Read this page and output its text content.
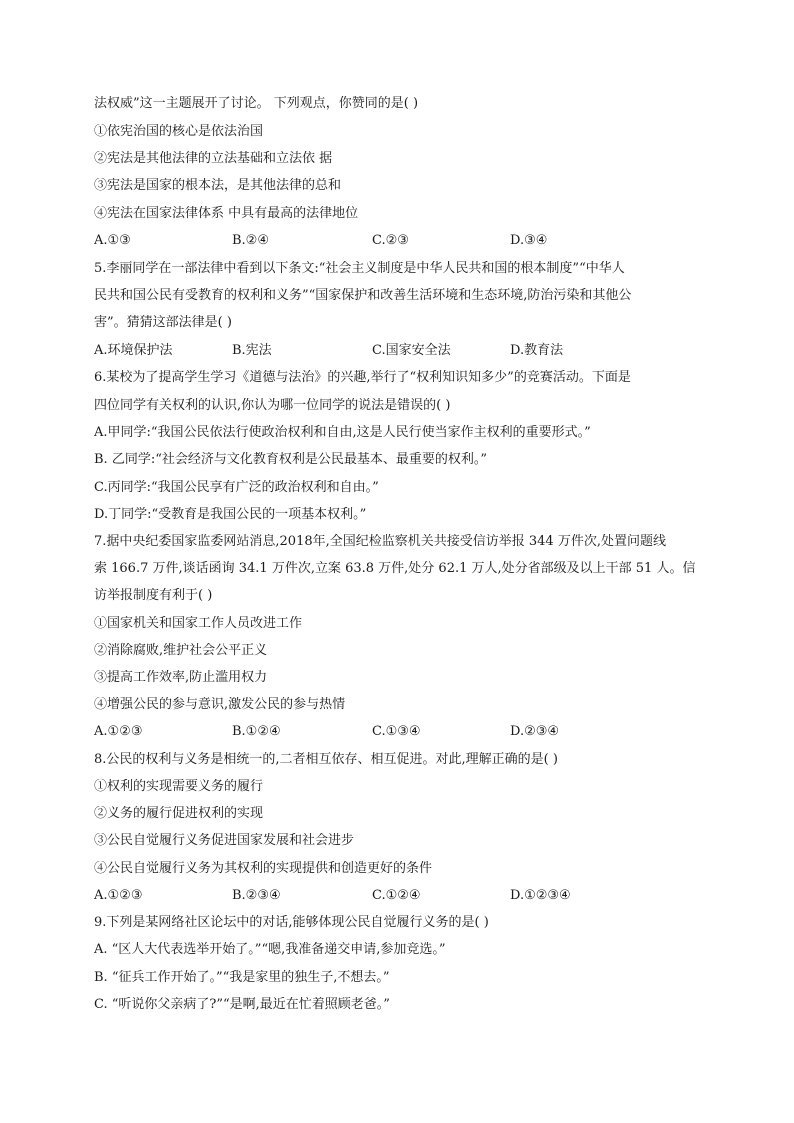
法权威”这一主题展开了讨论。 下列观点，你赞同的是( )
①依宪治国的核心是依法治国
②宪法是其他法律的立法基础和立法依 据
③宪法是国家的根本法，是其他法律的总和
④宪法在国家法律体系 中具有最高的法律地位
A.①③	B.②④	C.②③	D.③④
5.李丽同学在一部法律中看到以下条文:“社会主义制度是中华人民共和国的根本制度”“中华人
民共和国公民有受教育的权利和义务”“国家保护和改善生活环境和生态环境,防治污染和其他公
害”。猜猜这部法律是( )
A.环境保护法	B.宪法	C.国家安全法	D.教育法
6.某校为了提高学生学习《道德与法治》的兴趣,举行了“权利知识知多少”的竞赛活动。下面是
四位同学有关权利的认识,你认为哪一位同学的说法是错误的( )
A.甲同学:“我国公民依法行使政治权利和自由,这是人民行使当家作主权利的重要形式。”
B. 乙同学:“社会经济与文化教育权利是公民最基本、最重要的权利。”
C.丙同学:“我国公民享有广泛的政治权利和自由。”
D.丁同学:“受教育是我国公民的一项基本权利。”
7.据中央纪委国家监委网站消息,2018年,全国纪检监察机关共接受信访举报 344 万件次,处置问题线
索 166.7 万件,谈话函询 34.1 万件次,立案 63.8 万件,处分 62.1 万人,处分省部级及以上干部 51 人。信
访举报制度有利于( )
①国家机关和国家工作人员改进工作
②消除腐败,维护社会公平正义
③提高工作效率,防止滥用权力
④增强公民的参与意识,激发公民的参与热情
A.①②③	B.①②④	C.①③④	D.②③④
8.公民的权利与义务是相统一的,二者相互依存、相互促进。对此,理解正确的是( )
①权利的实现需要义务的履行
②义务的履行促进权利的实现
③公民自觉履行义务促进国家发展和社会进步
④公民自觉履行义务为其权利的实现提供和创造更好的条件
A.①②③	B.②③④	C.①②④	D.①②③④
9.下列是某网络社区论坛中的对话,能够体现公民自觉履行义务的是( )
A. “区人大代表选举开始了。”“嗯,我准备递交申请,参加竞选。”
B. “征兵工作开始了。”“我是家里的独生子,不想去。”
C. “听说你父亲病了?”“是啊,最近在忙着照顾老爸。”
